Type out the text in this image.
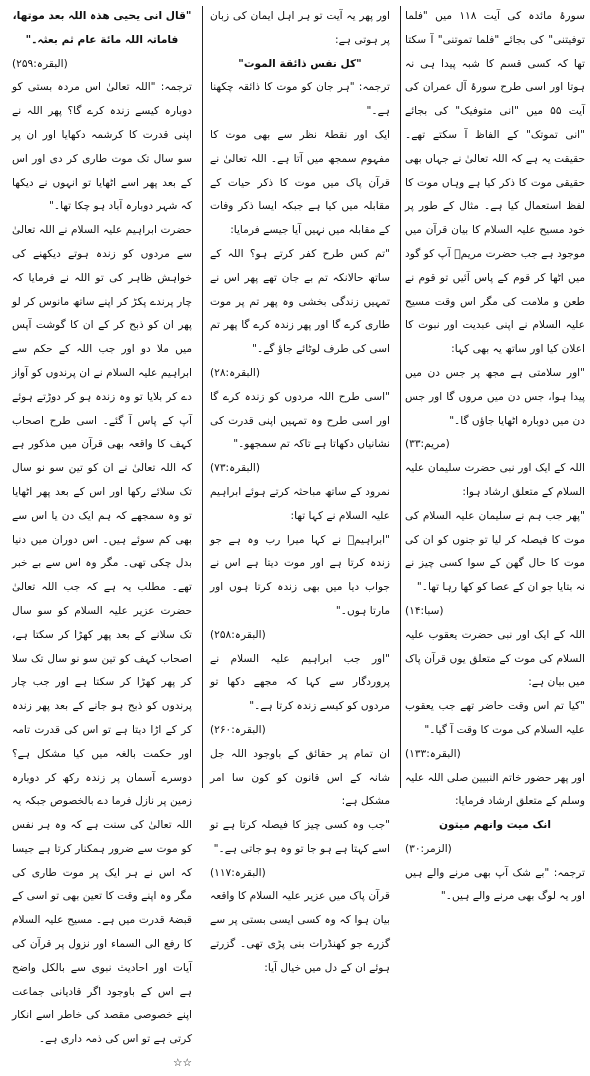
سورۂ مائدہ کی آیت ۱۱۸ میں "فلما توفیتنی" کی بجائے "فلما تموتنی" آ سکتا تھا کہ کسی قسم کا شبہ پیدا ہی نہ ہوتا اور اسی طرح سورۂ آل عمران کی آیت ۵۵ میں "انی متوفیک" کی بجائے "انی تموتک" کے الفاظ آ سکتے تھے۔ حقیقت یہ ہے کہ اللہ تعالیٰ نے جہاں بھی حقیقی موت کا ذکر کیا ہے وہاں موت کا لفظ استعمال کیا ہے۔ مثال کے طور پر خود مسیح علیہ السلام کا بیان قرآن میں موجود ہے جب حضرت مریمؑ آپ کو گود میں اٹھا کر قوم کے پاس آئیں تو قوم نے طعن و ملامت کی مگر اس وقت مسیح علیہ السلام نے اپنی عبدیت اور نبوت کا اعلان کیا اور ساتھ یہ بھی کہا:

"اور سلامتی ہے مجھ پر جس دن میں پیدا ہوا، جس دن میں مروں گا اور جس دن میں دوبارہ اٹھایا جاؤں گا۔"

(مریم:۳۳)

اللہ کے ایک اور نبی حضرت سلیمان علیہ السلام کے متعلق ارشاد ہوا:

"پھر جب ہم نے سلیمان علیہ السلام کی موت کا فیصلہ کر لیا تو جنوں کو ان کی موت کا حال گھن کے سوا کسی چیز نے نہ بتایا جو ان کے عصا کو کھا رہا تھا۔"

(سبا:۱۴)

اللہ کے ایک اور نبی حضرت یعقوب علیہ السلام کی موت کے متعلق یوں قرآن پاک میں بیان ہے:

"کیا تم اس وقت حاضر تھے جب یعقوب علیہ السلام کی موت کا وقت آ گیا۔"

(البقرہ:۱۳۳)

اور پھر حضور خاتم النبیین صلی اللہ علیہ وسلم کے متعلق ارشاد فرمایا:

انک میت وانھم میتون

(الزمر:۳۰)

ترجمہ: "بے شک آپ بھی مرنے والے ہیں اور یہ لوگ بھی مرنے والے ہیں۔"

اور پھر یہ آیت تو ہر اہل ایمان کی زبان پر ہوتی ہے:

"کل نفس ذائقة الموت"

ترجمہ: "ہر جان کو موت کا ذائقہ چکھنا ہے۔"

ایک اور نقطۂ نظر سے بھی موت کا مفہوم سمجھ میں آتا ہے۔ اللہ تعالیٰ نے قرآن پاک میں موت کا ذکر حیات کے مقابلہ میں کیا ہے جبکہ ایسا ذکر وفات کے مقابلہ میں نہیں آیا جیسے فرمایا:

"تم کس طرح کفر کرتے ہو؟ اللہ کے ساتھ حالانکہ تم بے جان تھے پھر اس نے تمہیں زندگی بخشی وہ پھر تم پر موت طاری کرے گا اور پھر زندہ کرے گا پھر تم اسی کی طرف لوٹائے جاؤ گے۔"

(البقرہ:۲۸)

"اسی طرح اللہ مردوں کو زندہ کرے گا اور اسی طرح وہ تمہیں اپنی قدرت کی نشانیاں دکھاتا ہے تاکہ تم سمجھو۔"

(البقرہ:۷۳)

نمرود کے ساتھ مباحثہ کرتے ہوئے ابراہیم علیہ السلام نے کہا تھا:

"ابراہیمؑ نے کہا میرا رب وہ ہے جو زندہ کرتا ہے اور موت دیتا ہے اس نے جواب دیا میں بھی زندہ کرتا ہوں اور مارتا ہوں۔"

(البقرہ:۲۵۸)

"اور جب ابراہیم علیہ السلام نے پروردگار سے کہا کہ مجھے دکھا تو مردوں کو کیسے زندہ کرتا ہے۔"

(البقرہ:۲۶۰)

ان تمام پر حقائق کے باوجود اللہ جل شانہ کے اس قانون کو کون سا امر مشکل ہے:

"جب وہ کسی چیز کا فیصلہ کرتا ہے تو اسے کہتا ہے ہو جا تو وہ ہو جاتی ہے۔"

(البقرہ:۱۱۷)

قرآن پاک میں عزیر علیہ السلام کا واقعہ بیان ہوا کہ وہ کسی ایسی بستی پر سے گزرے جو کھنڈرات بنی پڑی تھی۔ گزرتے ہوئے ان کے دل میں خیال آیا:

"قال انی یحیی ھذہ اللہ بعد موتھا، فاماتہ اللہ مائة عام ثم بعثہ۔"

(البقرہ:۲۵۹)

ترجمہ: "اللہ تعالیٰ اس مردہ بستی کو دوبارہ کیسے زندہ کرے گا؟ پھر اللہ نے اپنی قدرت کا کرشمہ دکھایا اور ان پر سو سال تک موت طاری کر دی اور اس کے بعد پھر اسے اٹھایا تو انہوں نے دیکھا کہ شہر دوبارہ آباد ہو چکا تھا۔"

حضرت ابراہیم علیہ السلام نے اللہ تعالیٰ سے مردوں کو زندہ ہوتے دیکھنے کی خواہش ظاہر کی تو اللہ نے فرمایا کہ چار پرندے پکڑ کر اپنے ساتھ مانوس کر لو پھر ان کو ذبح کر کے ان کا گوشت آپس میں ملا دو اور جب اللہ کے حکم سے ابراہیم علیہ السلام نے ان پرندوں کو آواز دے کر بلایا تو وہ زندہ ہو کر دوڑتے ہوئے آپ کے پاس آ گئے۔ اسی طرح اصحاب کہف کا واقعہ بھی قرآن میں مذکور ہے کہ اللہ تعالیٰ نے ان کو تین سو نو سال تک سلائے رکھا اور اس کے بعد پھر اٹھایا تو وہ سمجھے کہ ہم ایک دن یا اس سے بھی کم سوئے ہیں۔ اس دوران میں دنیا بدل چکی تھی۔ مگر وہ اس سے بے خبر تھے۔ مطلب یہ ہے کہ جب اللہ تعالیٰ حضرت عزیر علیہ السلام کو سو سال تک سلانے کے بعد پھر کھڑا کر سکتا ہے، اصحاب کہف کو تین سو نو سال تک سلا کر پھر کھڑا کر سکتا ہے اور جب چار پرندوں کو ذبح ہو جانے کے بعد پھر زندہ کر کے اڑا دیتا ہے تو اس کی قدرت تامہ اور حکمت بالغہ میں کیا مشکل ہے؟ دوسرے آسمان پر زندہ رکھ کر دوبارہ زمین پر نازل فرما دے بالخصوص جبکہ یہ اللہ تعالیٰ کی سنت ہے کہ وہ ہر نفس کو موت سے ضرور ہمکنار کرتا ہے جیسا کہ اس نے ہر ایک پر موت طاری کی مگر وہ اپنے وقت کا تعین بھی تو اسی کے قبضۂ قدرت میں ہے۔ مسیح علیہ السلام کا رفع الی السماء اور نزول پر قرآن کی آیات اور احادیث نبوی سے بالکل واضح ہے اس کے باوجود اگر قادیانی جماعت اپنے خصوصی مقصد کی خاطر اسے انکار کرتی ہے تو اس کی ذمہ داری ہے۔

☆☆
